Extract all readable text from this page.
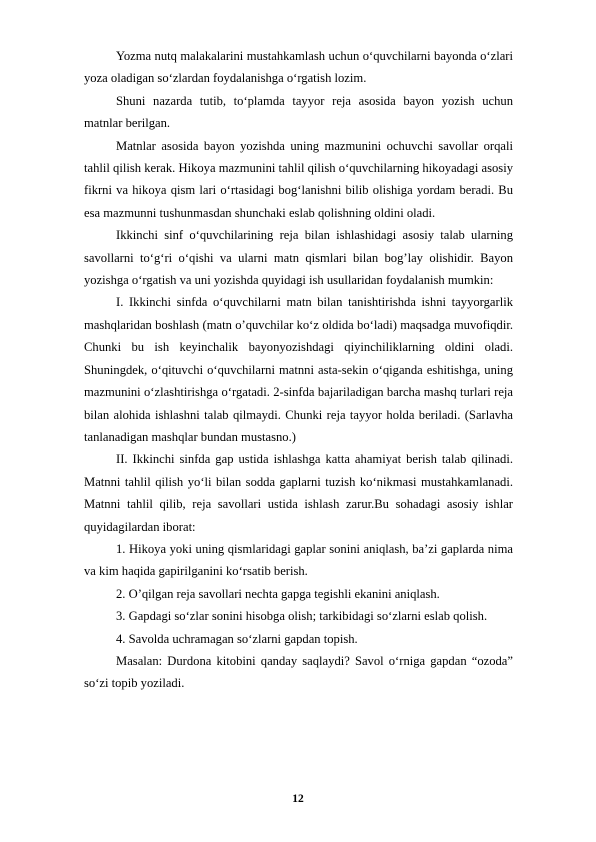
Yozma nutq malakalarini mustahkamlash uchun o‘quvchilarni bayonda o‘zlari yoza oladigan so‘zlardan foydalanishga o‘rgatish lozim.

Shuni nazarda tutib, to‘plamda tayyor reja asosida bayon yozish uchun matnlar berilgan.

Matnlar asosida bayon yozishda uning mazmunini ochuvchi savollar orqali tahlil qilish kerak. Hikoya mazmunini tahlil qilish o‘quvchilarning hikoyadagi asosiy fikrni va hikoya qism lari o‘rtasidagi bog‘lanishni bilib olishiga yordam beradi. Bu esa mazmunni tushunmasdan shunchaki eslab qolishning oldini oladi.

Ikkinchi sinf o‘quvchilarining reja bilan ishlashidagi asosiy talab ularning savollarni to‘g‘ri o‘qishi va ularni matn qismlari bilan bog’lay olishidir. Bayon yozishga o‘rgatish va uni yozishda quyidagi ish usullaridan foydalanish mumkin:

I. Ikkinchi sinfda o‘quvchilarni matn bilan tanishtirishda ishni tayyorgarlik mashqlaridan boshlash (matn o’quvchilar ko‘z oldida bo‘ladi) maqsadga muvofiqdir. Chunki bu ish keyinchalik bayonyozishdagi qiyinchiliklarning oldini oladi. Shuningdek, o‘qituvchi o‘quvchilarni matnni asta-sekin o‘qiganda eshitishga, uning mazmunini o‘zlashtirishga o‘rgatadi. 2-sinfda bajariladigan barcha mashq turlari reja bilan alohida ishlashni talab qilmaydi. Chunki reja tayyor holda beriladi. (Sarlavha tanlanadigan mashqlar bundan mustasno.)

II. Ikkinchi sinfda gap ustida ishlashga katta ahamiyat berish talab qilinadi. Matnni tahlil qilish yo‘li bilan sodda gaplarni tuzish ko‘nikmasi mustahkamlanadi. Matnni tahlil qilib, reja savollari ustida ishlash zarur.Bu sohadagi asosiy ishlar quyidagilardan iborat:

1. Hikoya yoki uning qismlaridagi gaplar sonini aniqlash, ba’zi gaplarda nima va kim haqida gapirilganini ko‘rsatib berish.

2. O’qilgan reja savollari nechta gapga tegishli ekanini aniqlash.

3. Gapdagi so‘zlar sonini hisobga olish; tarkibidagi so‘zlarni eslab qolish.

4. Savolda uchramagan so‘zlarni gapdan topish.

Masalan: Durdona kitobini qanday saqlaydi? Savol o‘rniga gapdan “ozoda” so‘zi topib yoziladi.

12
